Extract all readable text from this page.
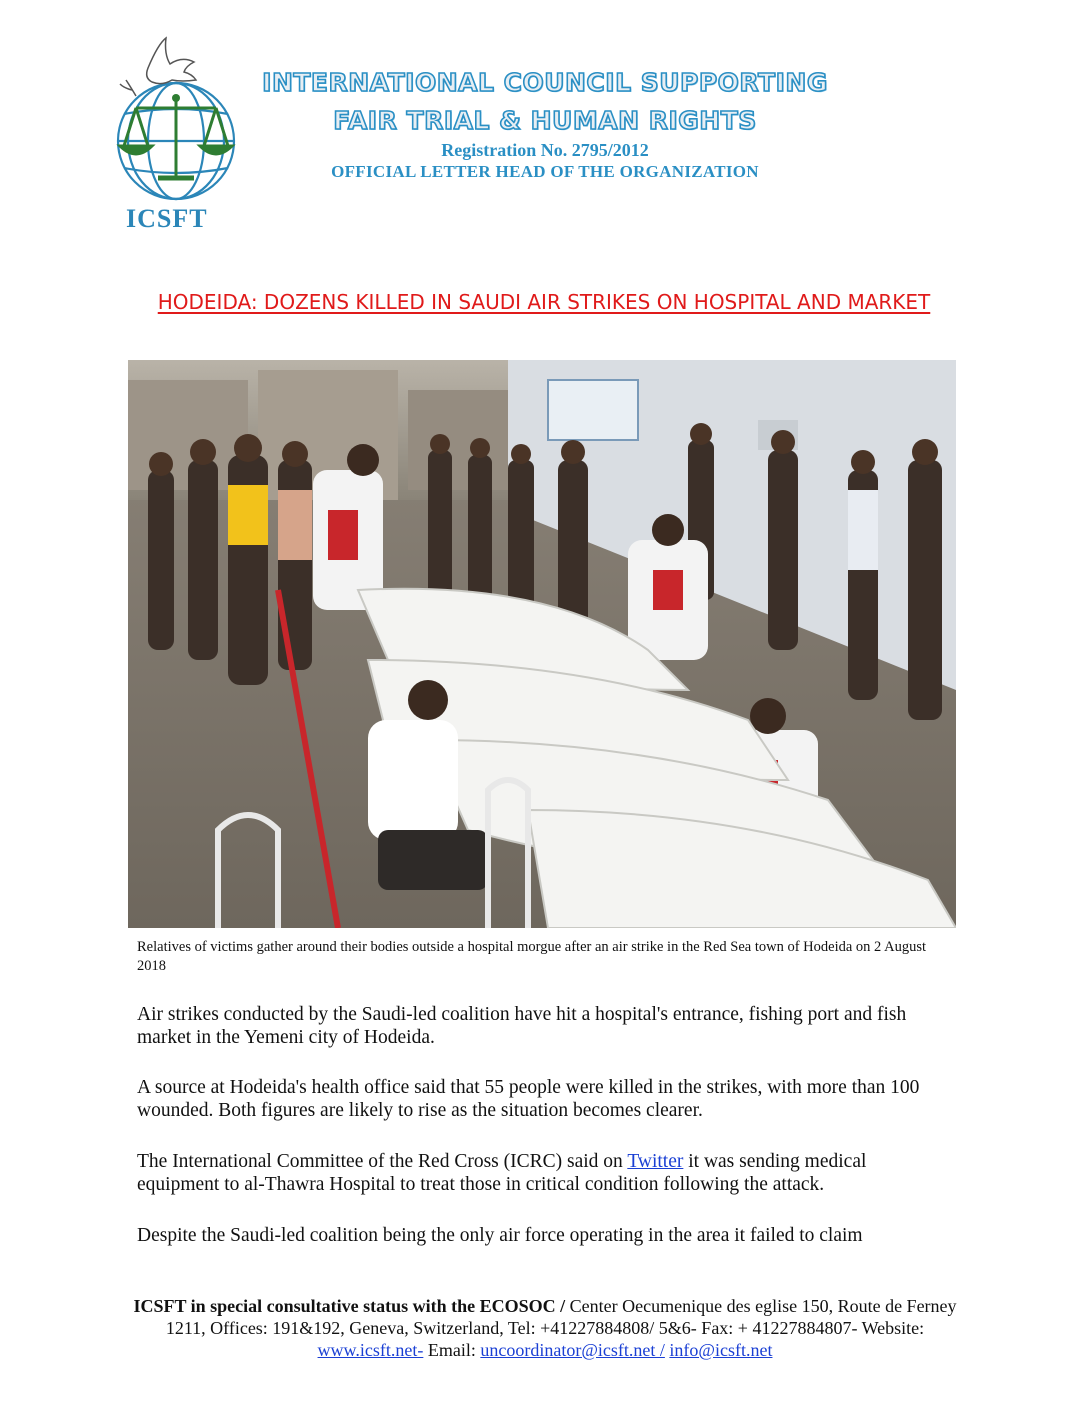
ICSFT
INTERNATIONAL COUNCIL SUPPORTING
FAIR TRIAL & HUMAN RIGHTS
Registration No. 2795/2012
OFFICIAL LETTER HEAD OF THE ORGANIZATION
HODEIDA: DOZENS KILLED IN SAUDI AIR STRIKES ON HOSPITAL AND MARKET
Relatives of victims gather around their bodies outside a hospital morgue after an air strike in the Red Sea town of Hodeida on 2 August 2018
Air strikes conducted by the Saudi-led coalition have hit a hospital's entrance, fishing port and fish market in the Yemeni city of Hodeida.
A source at Hodeida's health office said that 55 people were killed in the strikes, with more than 100 wounded. Both figures are likely to rise as the situation becomes clearer.
The International Committee of the Red Cross (ICRC) said on Twitter it was sending medical equipment to al-Thawra Hospital to treat those in critical condition following the attack.
Despite the Saudi-led coalition being the only air force operating in the area it failed to claim
ICSFT in special consultative status with the ECOSOC / Center Oecumenique des eglise 150, Route de Ferney 1211, Offices: 191&192, Geneva, Switzerland, Tel: +41227884808/ 5&6- Fax: + 41227884807- Website: www.icsft.net- Email: uncoordinator@icsft.net / info@icsft.net
